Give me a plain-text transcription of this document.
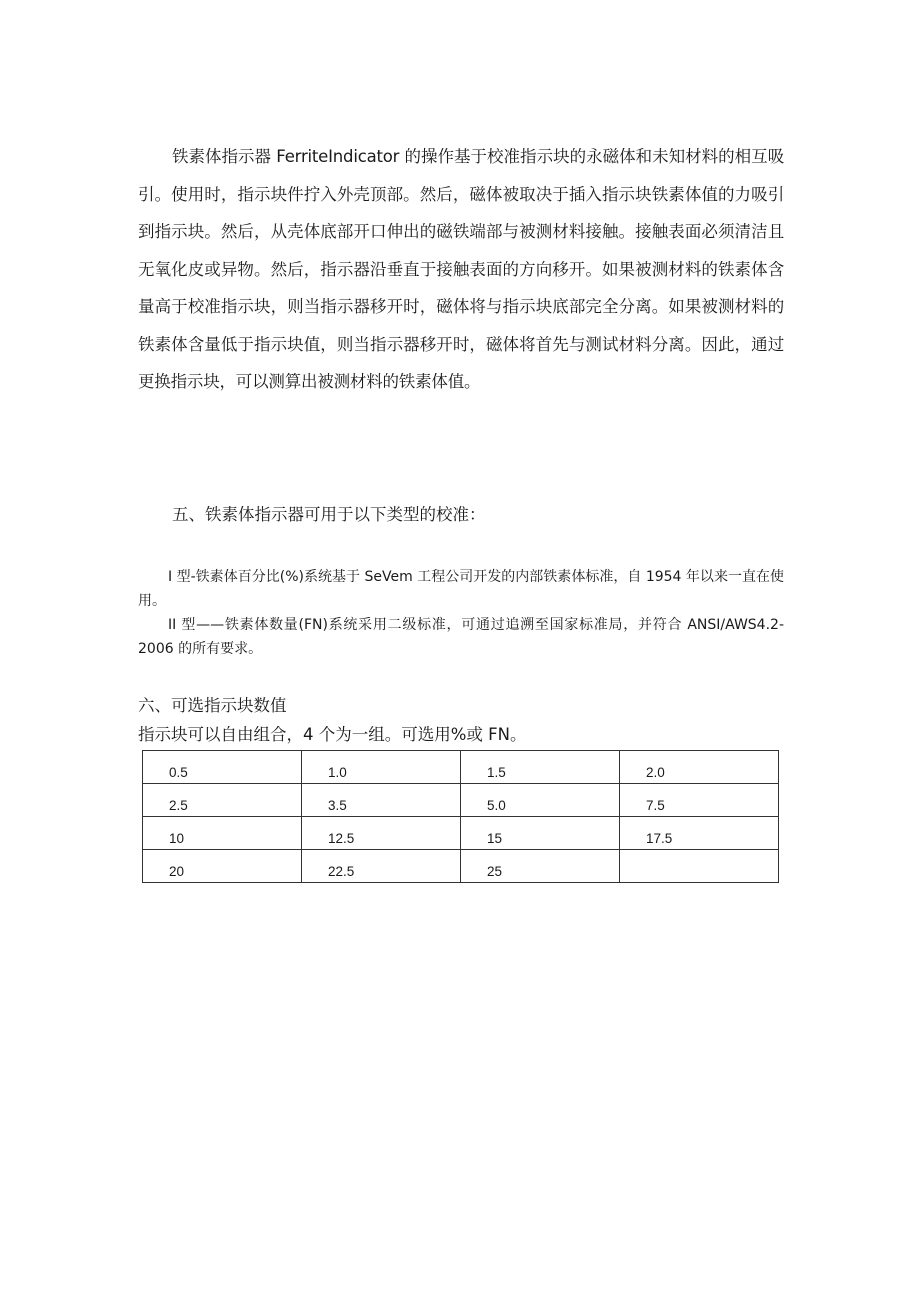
铁素体指示器 FerriteIndicator 的操作基于校准指示块的永磁体和未知材料的相互吸引。使用时，指示块件拧入外壳顶部。然后，磁体被取决于插入指示块铁素体值的力吸引到指示块。然后，从壳体底部开口伸出的磁铁端部与被测材料接触。接触表面必须清洁且无氧化皮或异物。然后，指示器沿垂直于接触表面的方向移开。如果被测材料的铁素体含量高于校准指示块，则当指示器移开时，磁体将与指示块底部完全分离。如果被测材料的铁素体含量低于指示块值，则当指示器移开时，磁体将首先与测试材料分离。因此，通过更换指示块，可以测算出被测材料的铁素体值。

五、铁素体指示器可用于以下类型的校准：

I 型-铁素体百分比(%)系统基于 SeVem 工程公司开发的内部铁素体标准，自 1954 年以来一直在使用。

II 型——铁素体数量(FN)系统采用二级标准，可通过追溯至国家标准局，并符合 ANSI/AWS4.2-2006 的所有要求。

六、可选指示块数值

指示块可以自由组合，4 个为一组。可选用%或 FN。

0.5	1.0	1.5	2.0

2.5	3.5	5.0	7.5

10	12.5	15	17.5

20	22.5	25	
